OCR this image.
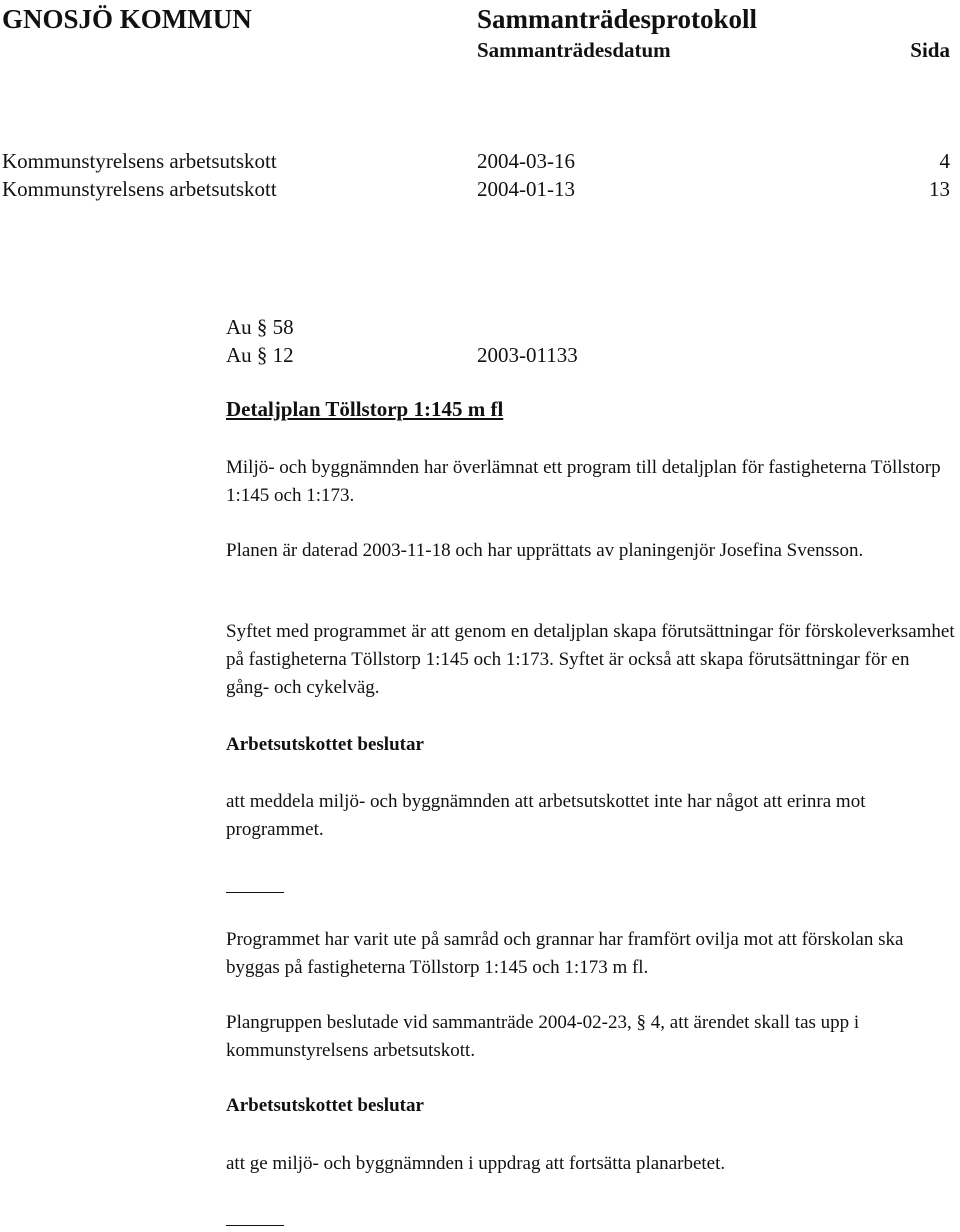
GNOSJÖ KOMMUN	Sammanträdesprotokoll
Sammanträdesdatum	Sida
Kommunstyrelsens arbetsutskott	2004-03-16	4
Kommunstyrelsens arbetsutskott	2004-01-13	13
Au § 58
Au § 12	2003-01133
Detaljplan Töllstorp 1:145 m fl

Miljö- och byggnämnden har överlämnat ett program till detaljplan för fastigheterna Töllstorp 1:145 och 1:173.

Planen är daterad 2003-11-18 och har upprättats av planingenjör Josefina Svensson.

Syftet med programmet är att genom en detaljplan skapa förutsättningar för förskoleverksamhet på fastigheterna Töllstorp 1:145 och 1:173. Syftet är också att skapa förutsättningar för en gång- och cykelväg.

Arbetsutskottet beslutar

att meddela miljö- och byggnämnden att arbetsutskottet inte har något att erinra mot programmet.

Programmet har varit ute på samråd och grannar har framfört ovilja mot att förskolan ska byggas på fastigheterna Töllstorp 1:145 och 1:173 m fl.

Plangruppen beslutade vid sammanträde 2004-02-23, § 4, att ärendet skall tas upp i kommunstyrelsens arbetsutskott.

Arbetsutskottet beslutar

att ge miljö- och byggnämnden i uppdrag att fortsätta planarbetet.
